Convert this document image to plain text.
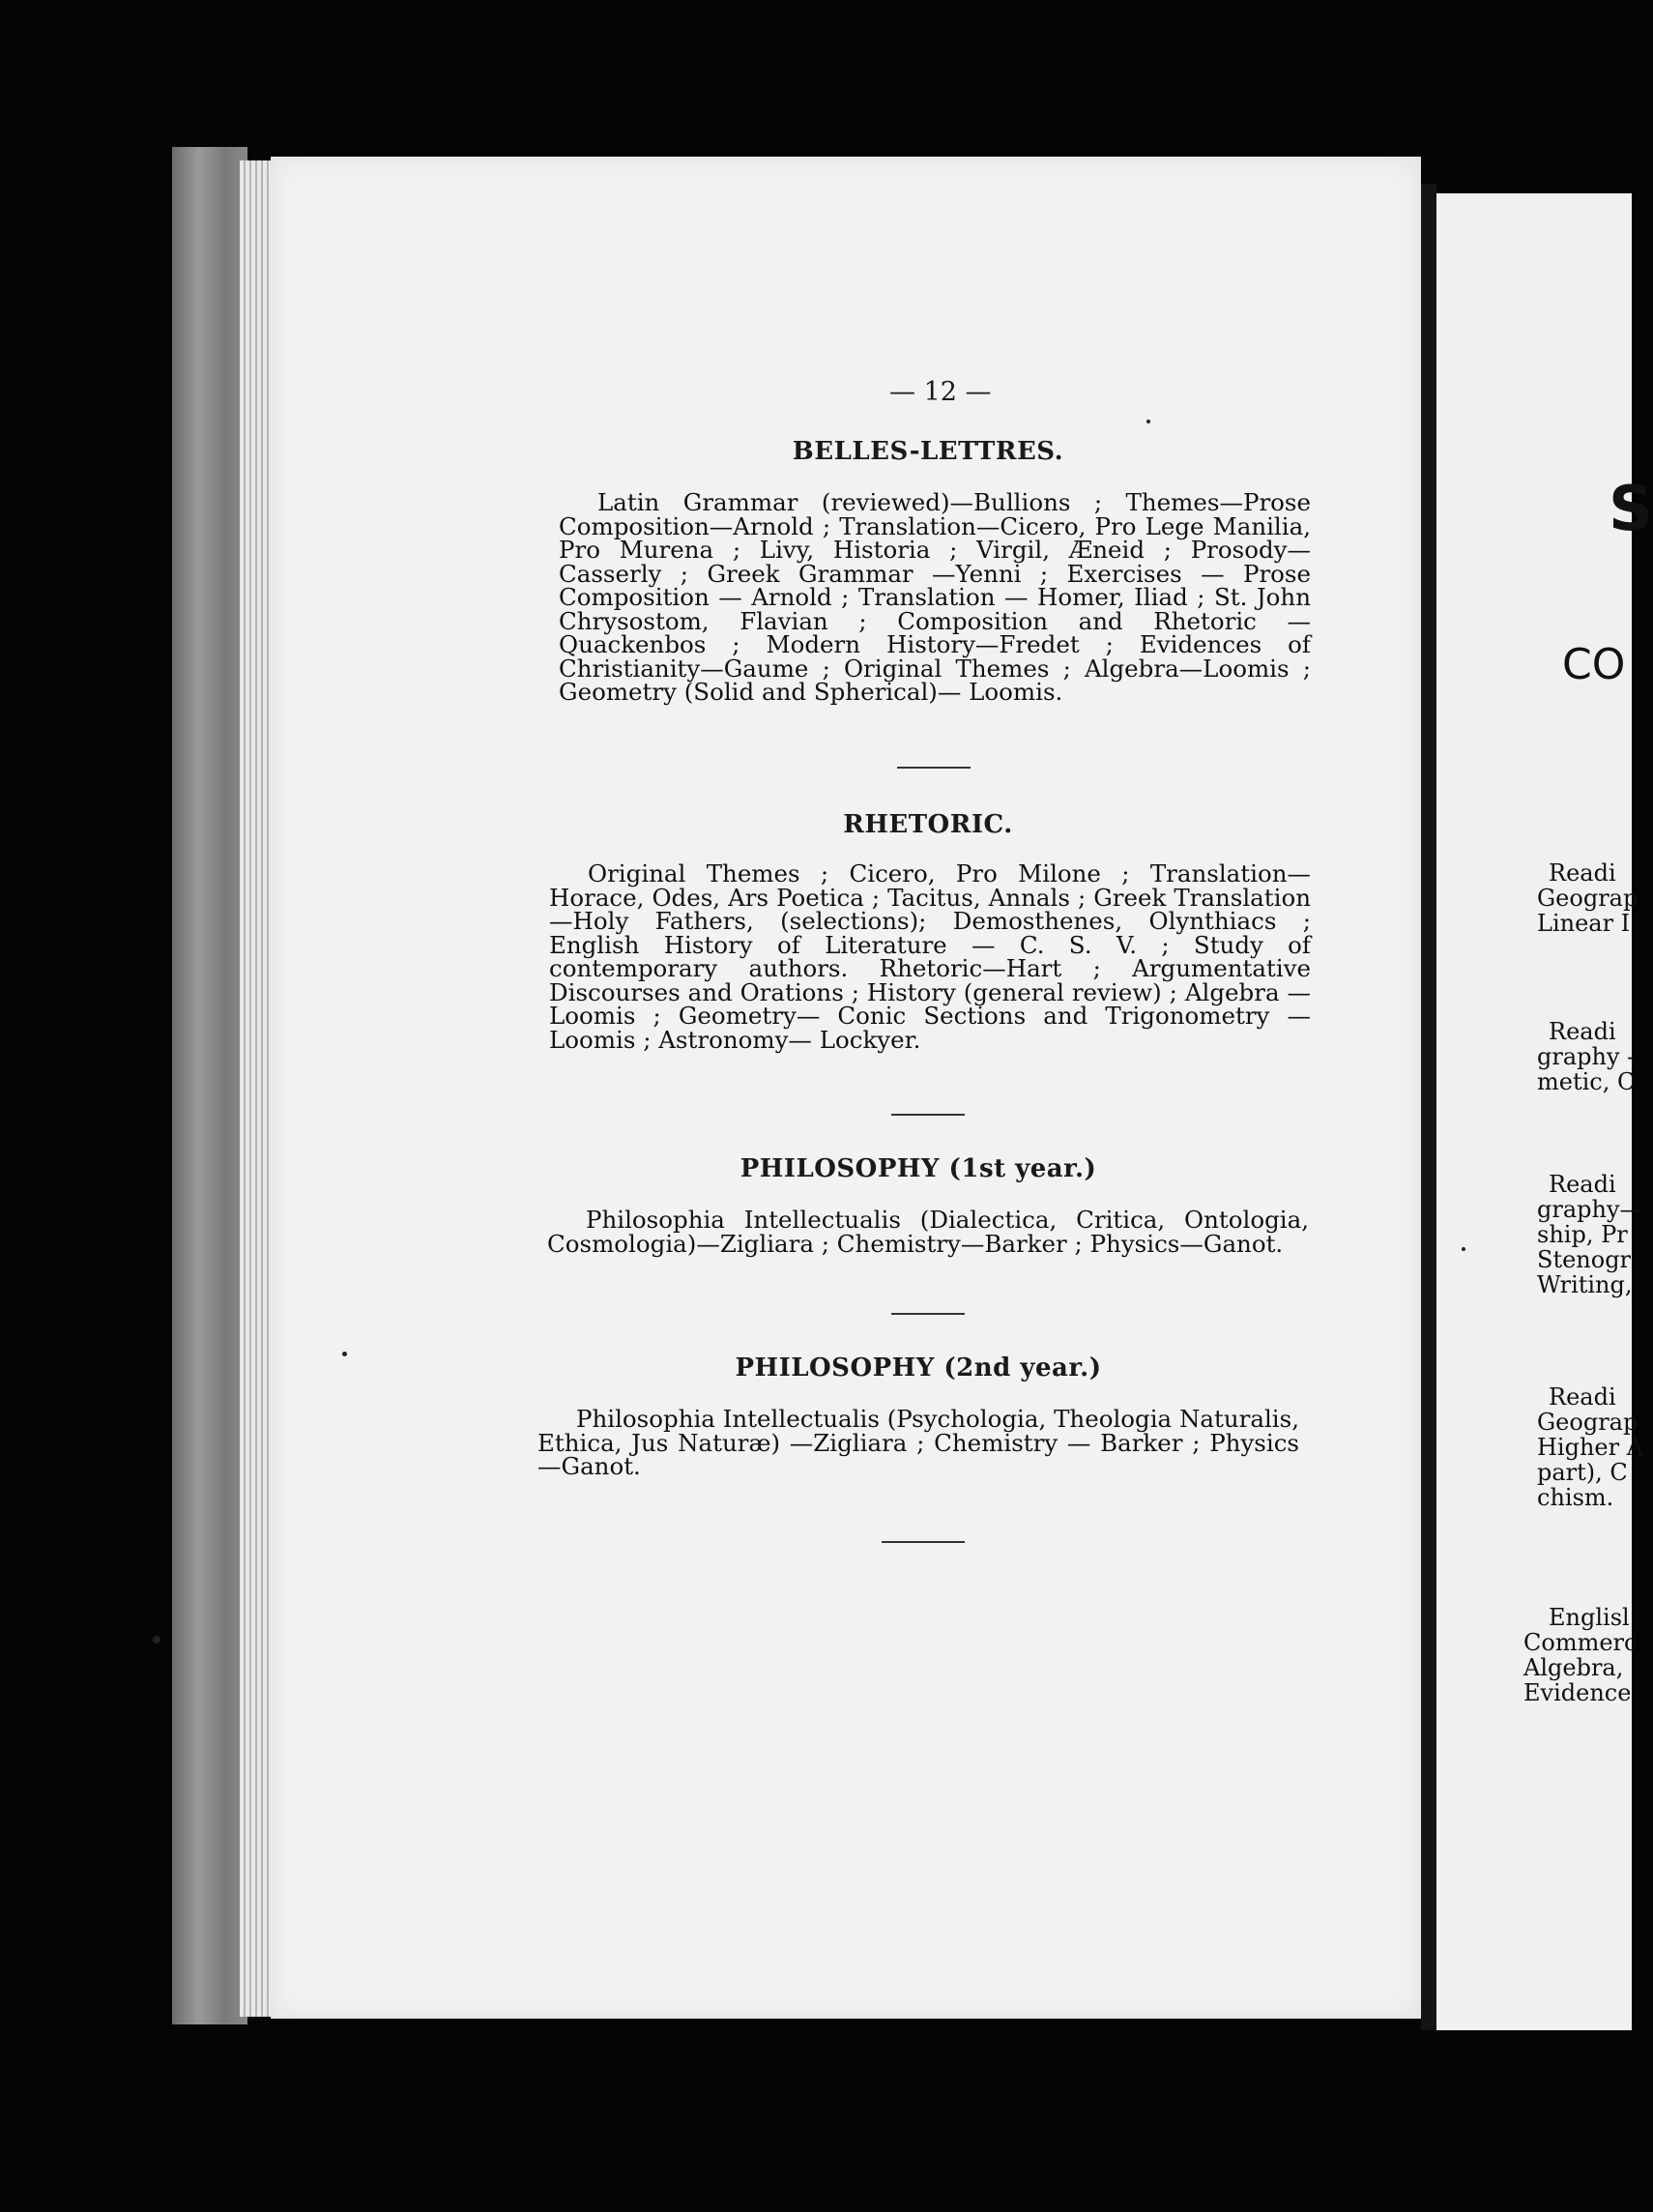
— 12 —
BELLES-LETTRES.

Latin Grammar (reviewed)—Bullions ; Themes—Prose Composition—Arnold ; Translation—Cicero, Pro Lege Manilia, Pro Murena ; Livy, Historia ; Virgil, Æneid ; Prosody— Casserly ; Greek Grammar —Yenni ; Exercises — Prose Composition — Arnold ; Translation — Homer, Iliad ; St. John Chrysostom, Flavian ; Composition and Rhetoric — Quackenbos ; Modern History—Fredet ; Evidences of Christianity—Gaume ; Original Themes ; Algebra—Loomis ; Geometry (Solid and Spherical)— Loomis.

RHETORIC.

Original Themes ; Cicero, Pro Milone ; Translation—Horace, Odes, Ars Poetica ; Tacitus, Annals ; Greek Translation—Holy Fathers, (selections); Demosthenes, Olynthiacs ; English History of Literature — C. S. V. ; Study of contemporary authors. Rhetoric—Hart ; Argumentative Discourses and Orations ; History (general review) ; Algebra — Loomis ; Geometry— Conic Sections and Trigonometry — Loomis ; Astronomy— Lockyer.

PHILOSOPHY (1st year.)

Philosophia Intellectualis (Dialectica, Critica, Ontologia, Cosmologia)—Zigliara ; Chemistry—Barker ; Physics—Ganot.

PHILOSOPHY (2nd year.)

Philosophia Intellectualis (Psychologia, Theologia Naturalis, Ethica, Jus Naturæ) —Zigliara ; Chemistry — Barker ; Physics—Ganot.

S
CO
Readi
Geograp
Linear I
Readi
graphy -
metic, C
Readi
graphy—
ship, Pr
Stenogr
Writing,
Readi
Geograp
Higher A
part), C
chism.
Englisl
Commerc
Algebra,
Evidence
